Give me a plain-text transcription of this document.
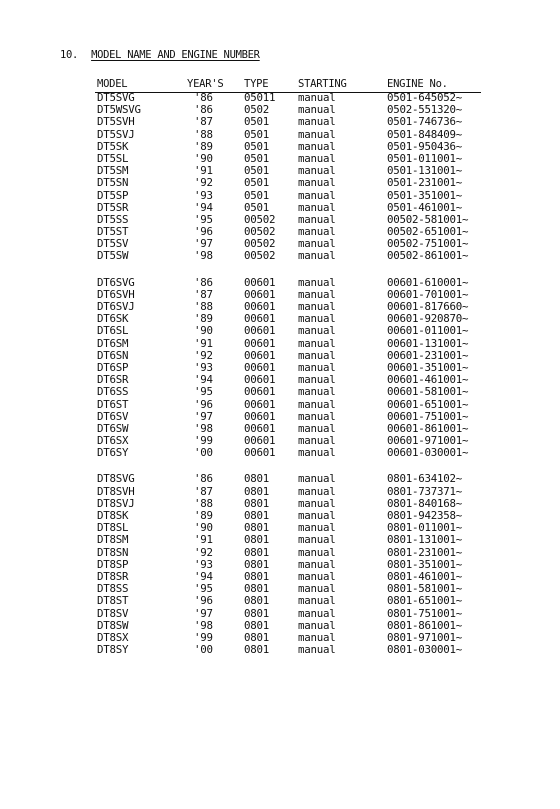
10. MODEL NAME AND ENGINE NUMBER
MODEL	YEAR'S TYPE	STARTING	ENGINE No.
DT5SVG	'86	05011 manual	0501-645052~
DT5WSVG	'86	0502	manual	0502-551320~
DT5SVH	'87	0501	manual	0501-746736~
DT5SVJ	'88	0501	manual	0501-848409~
DT5SK	'89	0501	manual	0501-950436~
DT5SL	'90	0501	manual	0501-011001~
DT5SM	'91	0501	manual	0501-131001~
DT5SN	'92	0501	manual	0501-231001~
DT5SP	'93	0501	manual	0501-351001~
DT5SR	'94	0501	manual	0501-461001~
DT5SS	'95	00502 manual	00502-581001~
DT5ST	'96	00502 manual	00502-651001~
DT5SV	'97	00502 manual	00502-751001~
DT5SW	'98	00502 manual	00502-861001~
DT6SVG	'86	00601 manual	00601-610001~
DT6SVH	'87	00601 manual	00601-701001~
DT6SVJ	'88	00601 manual	00601-817660~
DT6SK	'89	00601 manual	00601-920870~
DT6SL	'90	00601 manual	00601-011001~
DT6SM	'91	00601 manual	00601-131001~
DT6SN	'92	00601 manual	00601-231001~
DT6SP	'93	00601 manual	00601-351001~
DT6SR	'94	00601 manual	00601-461001~
DT6SS	'95	00601 manual	00601-581001~
DT6ST	'96	00601 manual	00601-651001~
DT6SV	'97	00601 manual	00601-751001~
DT6SW	'98	00601 manual	00601-861001~
DT6SX	'99	00601 manual	00601-971001~
DT6SY	'00	00601 manual	00601-030001~
DT8SVG	'86	0801	manual	0801-634102~
DT8SVH	'87	0801	manual	0801-737371~
DT8SVJ	'88	0801	manual	0801-840168~
DT8SK	'89	0801	manual	0801-942358~
DT8SL	'90	0801	manual	0801-011001~
DT8SM	'91	0801	manual	0801-131001~
DT8SN	'92	0801	manual	0801-231001~
DT8SP	'93	0801	manual	0801-351001~
DT8SR	'94	0801	manual	0801-461001~
DT8SS	'95	0801	manual	0801-581001~
DT8ST	'96	0801	manual	0801-651001~
DT8SV	'97	0801	manual	0801-751001~
DT8SW	'98	0801	manual	0801-861001~
DT8SX	'99	0801	manual	0801-971001~
DT8SY	'00	0801	manual	0801-030001~
